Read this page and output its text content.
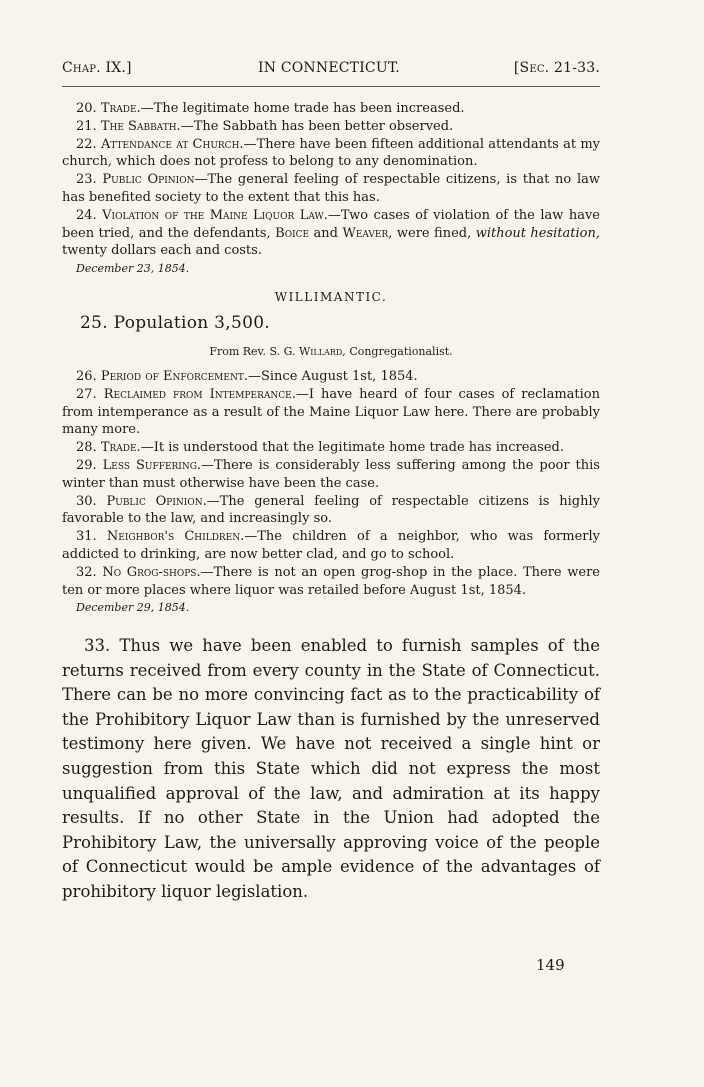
Chap. IX.]	IN CONNECTICUT.	[Sec. 21-33.
20. Trade.—The legitimate home trade has been increased.
21. The Sabbath.—The Sabbath has been better observed.
22. Attendance at Church.—There have been fifteen additional attendants at my church, which does not profess to belong to any denomination.
23. Public Opinion—The general feeling of respectable citizens, is that no law has benefited society to the extent that this has.
24. Violation of the Maine Liquor Law.—Two cases of violation of the law have been tried, and the defendants, Boice and Weaver, were fined, without hesitation, twenty dollars each and costs.
December 23, 1854.
WILLIMANTIC.
25. Population 3,500.
From Rev. S. G. Willard, Congregationalist.
26. Period of Enforcement.—Since August 1st, 1854.
27. Reclaimed from Intemperance.—I have heard of four cases of reclamation from intemperance as a result of the Maine Liquor Law here. There are probably many more.
28. Trade.—It is understood that the legitimate home trade has increased.
29. Less Suffering.—There is considerably less suffering among the poor this winter than must otherwise have been the case.
30. Public Opinion.—The general feeling of respectable citizens is highly favorable to the law, and increasingly so.
31. Neighbor's Children.—The children of a neighbor, who was formerly addicted to drinking, are now better clad, and go to school.
32. No Grog-shops.—There is not an open grog-shop in the place. There were ten or more places where liquor was retailed before August 1st, 1854.
December 29, 1854.
33. Thus we have been enabled to furnish samples of the returns received from every county in the State of Connecticut. There can be no more convincing fact as to the practicability of the Prohibitory Liquor Law than is furnished by the unreserved testimony here given. We have not received a single hint or suggestion from this State which did not express the most unqualified approval of the law, and admiration at its happy results. If no other State in the Union had adopted the Prohibitory Law, the universally approving voice of the people of Connecticut would be ample evidence of the advantages of prohibitory liquor legislation.
149
